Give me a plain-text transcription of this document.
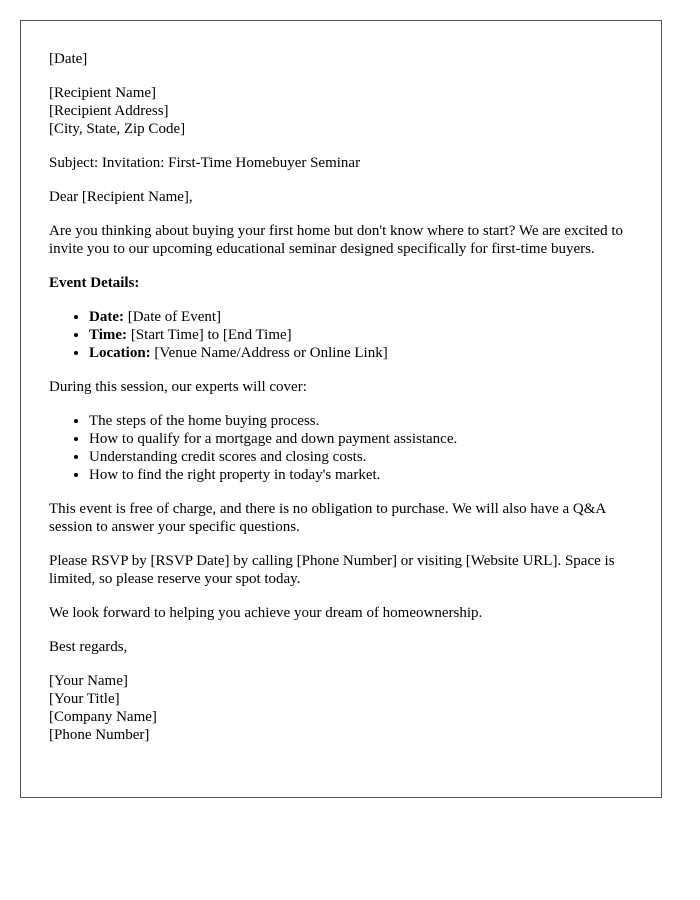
[Date]

[Recipient Name]

[Recipient Address]

[City, State, Zip Code]

Subject: Invitation: First-Time Homebuyer Seminar

Dear [Recipient Name],

Are you thinking about buying your first home but don't know where to start? We are excited to invite you to our upcoming educational seminar designed specifically for first-time buyers.

Event Details:

• Date: [Date of Event]
• Time: [Start Time] to [End Time]
• Location: [Venue Name/Address or Online Link]

During this session, our experts will cover:

• The steps of the home buying process.
• How to qualify for a mortgage and down payment assistance.
• Understanding credit scores and closing costs.
• How to find the right property in today's market.

This event is free of charge, and there is no obligation to purchase. We will also have a Q&A session to answer your specific questions.

Please RSVP by [RSVP Date] by calling [Phone Number] or visiting [Website URL]. Space is limited, so please reserve your spot today.

We look forward to helping you achieve your dream of homeownership.

Best regards,

[Your Name]

[Your Title]

[Company Name]

[Phone Number]
